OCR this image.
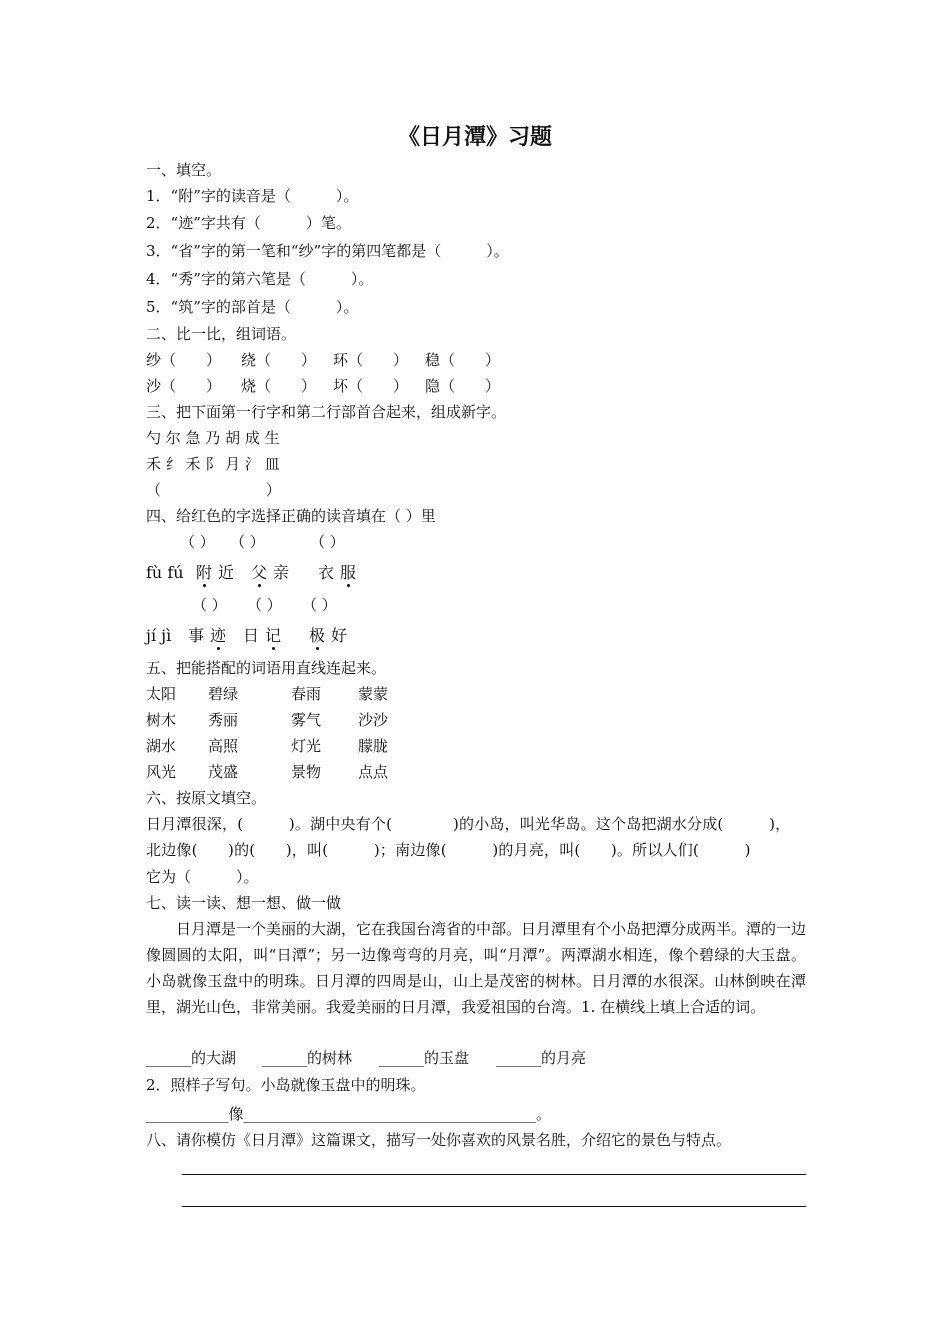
《日月潭》习题
一、填空。
1．“附”字的读音是（　　　）。
2．“迹”字共有（　　　）笔。
3．“省”字的第一笔和“纱”字的第四笔都是（　　　）。
4．“秀”字的第六笔是（　　　）。
5．“筑”字的部首是（　　　）。
二、比一比，组词语。
纱（　　） 绕（　　） 环（　　） 稳（　　）
沙（　　） 烧（　　） 坏（　　） 隐（　　）
三、把下面第一行字和第二行部首合起来，组成新字。
勺 尔 急 乃 胡 成 生
禾 纟 禾 阝 月 氵 皿
（                      ）
四、给红色的字选择正确的读音填在（ ）里
（ ） （ ）	（ ）
fù fú 附 近 父 亲 衣 服
（ ） （ ） （ ）
jí jì 事 迹 日 记 极 好
五、把能搭配的词语用直线连起来。
太阳 碧绿	春雨 蒙蒙
树木 秀丽	雾气 沙沙
湖水 高照	灯光 朦胧
风光 茂盛	景物 点点
六、按原文填空。
日月潭很深，(　　　)。湖中央有个(　　　　)的小岛，叫光华岛。这个岛把湖水分成(　　　)，
北边像(　　)的(　　)，叫(　　　)；南边像(　　　)的月亮，叫(　　)。所以人们(　　　)
它为（　　　）。
七、读一读、想一想、做一做
日月潭是一个美丽的大湖，它在我国台湾省的中部。日月潭里有个小岛把潭分成两半。潭的一边像圆圆的太阳，叫“日潭”；另一边像弯弯的月亮，叫“月潭”。两潭湖水相连，像个碧绿的大玉盘。小岛就像玉盘中的明珠。日月潭的四周是山，山上是茂密的树林。日月潭的水很深。山林倒映在潭里，湖光山色，非常美丽。我爱美丽的日月潭，我爱祖国的台湾。1. 在横线上填上合适的词。
______的大湖 ______的树林 ______的玉盘 ______的月亮
2．照样子写句。小岛就像玉盘中的明珠。
___________像_______________________________________。
八、请你模仿《日月潭》这篇课文，描写一处你喜欢的风景名胜，介绍它的景色与特点。
